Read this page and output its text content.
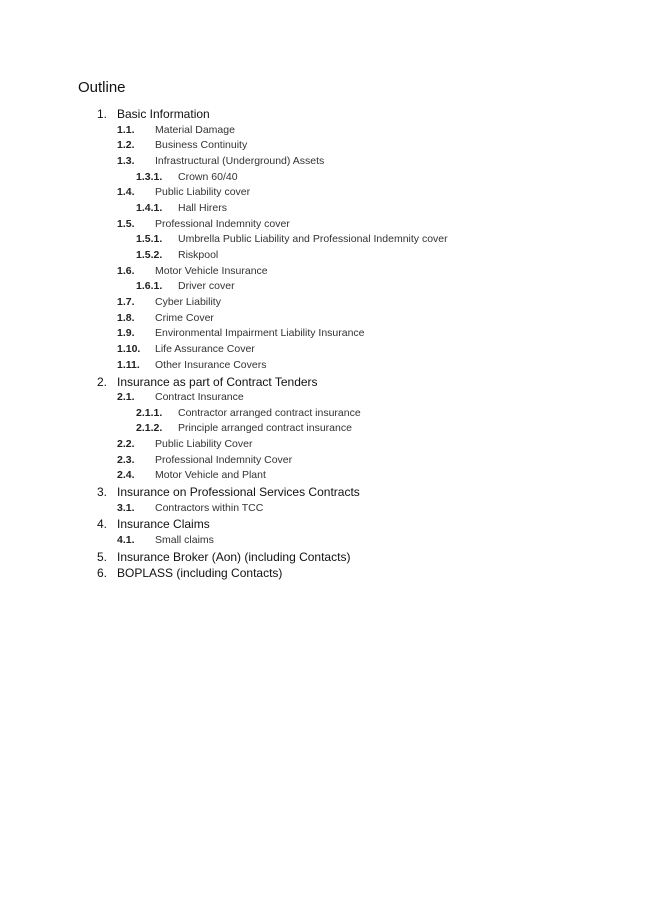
Outline
1. Basic Information
1.1. Material Damage
1.2. Business Continuity
1.3. Infrastructural (Underground) Assets
1.3.1. Crown 60/40
1.4. Public Liability cover
1.4.1. Hall Hirers
1.5. Professional Indemnity cover
1.5.1. Umbrella Public Liability and Professional Indemnity cover
1.5.2. Riskpool
1.6. Motor Vehicle Insurance
1.6.1. Driver cover
1.7. Cyber Liability
1.8. Crime Cover
1.9. Environmental Impairment Liability Insurance
1.10. Life Assurance Cover
1.11. Other Insurance Covers
2. Insurance as part of Contract Tenders
2.1. Contract Insurance
2.1.1. Contractor arranged contract insurance
2.1.2. Principle arranged contract insurance
2.2. Public Liability Cover
2.3. Professional Indemnity Cover
2.4. Motor Vehicle and Plant
3. Insurance on Professional Services Contracts
3.1. Contractors within TCC
4. Insurance Claims
4.1. Small claims
5. Insurance Broker (Aon) (including Contacts)
6. BOPLASS (including Contacts)
